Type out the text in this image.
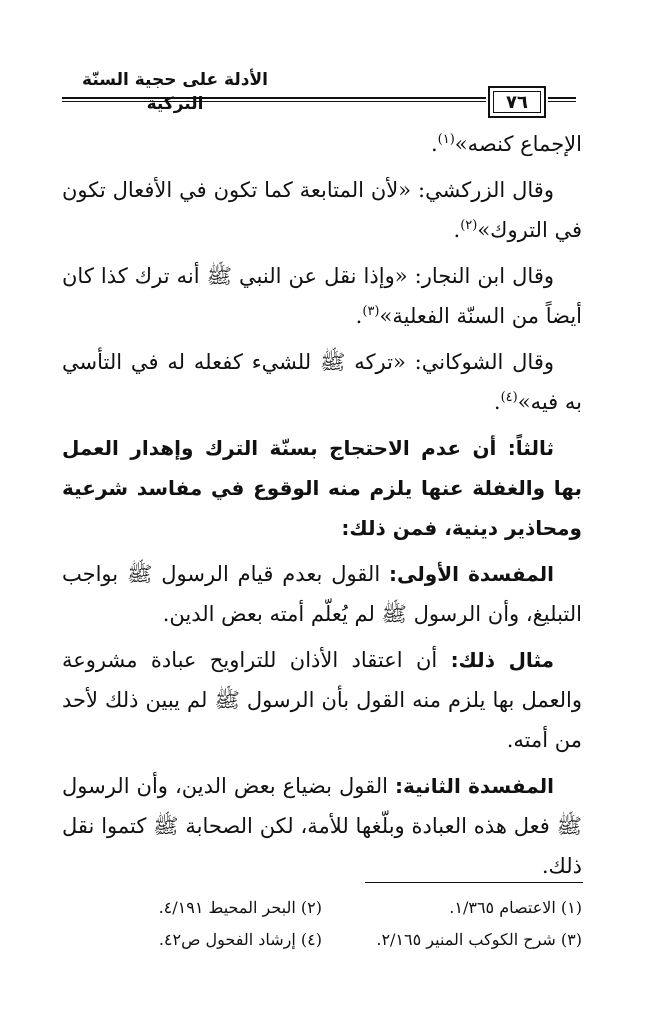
الأدلة على حجية السنّة التركية	٧٦

الإجماع كنصه»$^{(١)}$.

وقال الزركشي: «لأن المتابعة كما تكون في الأفعال تكون في التروك»$^{(٢)}$.

وقال ابن النجار: «وإذا نقل عن النبي ﷺ أنه ترك كذا كان أيضاً من السنّة الفعلية»$^{(٣)}$.

وقال الشوكاني: «تركه ﷺ للشيء كفعله له في التأسي به فيه»$^{(٤)}$.

ثالثاً: أن عدم الاحتجاج بسنّة الترك وإهدار العمل بها والغفلة عنها يلزم منه الوقوع في مفاسد شرعية ومحاذير دينية، فمن ذلك:

المفسدة الأولى: القول بعدم قيام الرسول ﷺ بواجب التبليغ، وأن الرسول ﷺ لم يُعلّم أمته بعض الدين.

مثال ذلك: أن اعتقاد الأذان للتراويح عبادة مشروعة والعمل بها يلزم منه القول بأن الرسول ﷺ لم يبين ذلك لأحد من أمته.

المفسدة الثانية: القول بضياع بعض الدين، وأن الرسول ﷺ فعل هذه العبادة وبلّغها للأمة، لكن الصحابة ﷺ كتموا نقل ذلك.

(١) الاعتصام ١/٣٦٥.
(٢) البحر المحيط ٤/١٩١.
(٣) شرح الكوكب المنير ٢/١٦٥.
(٤) إرشاد الفحول ص٤٢.
